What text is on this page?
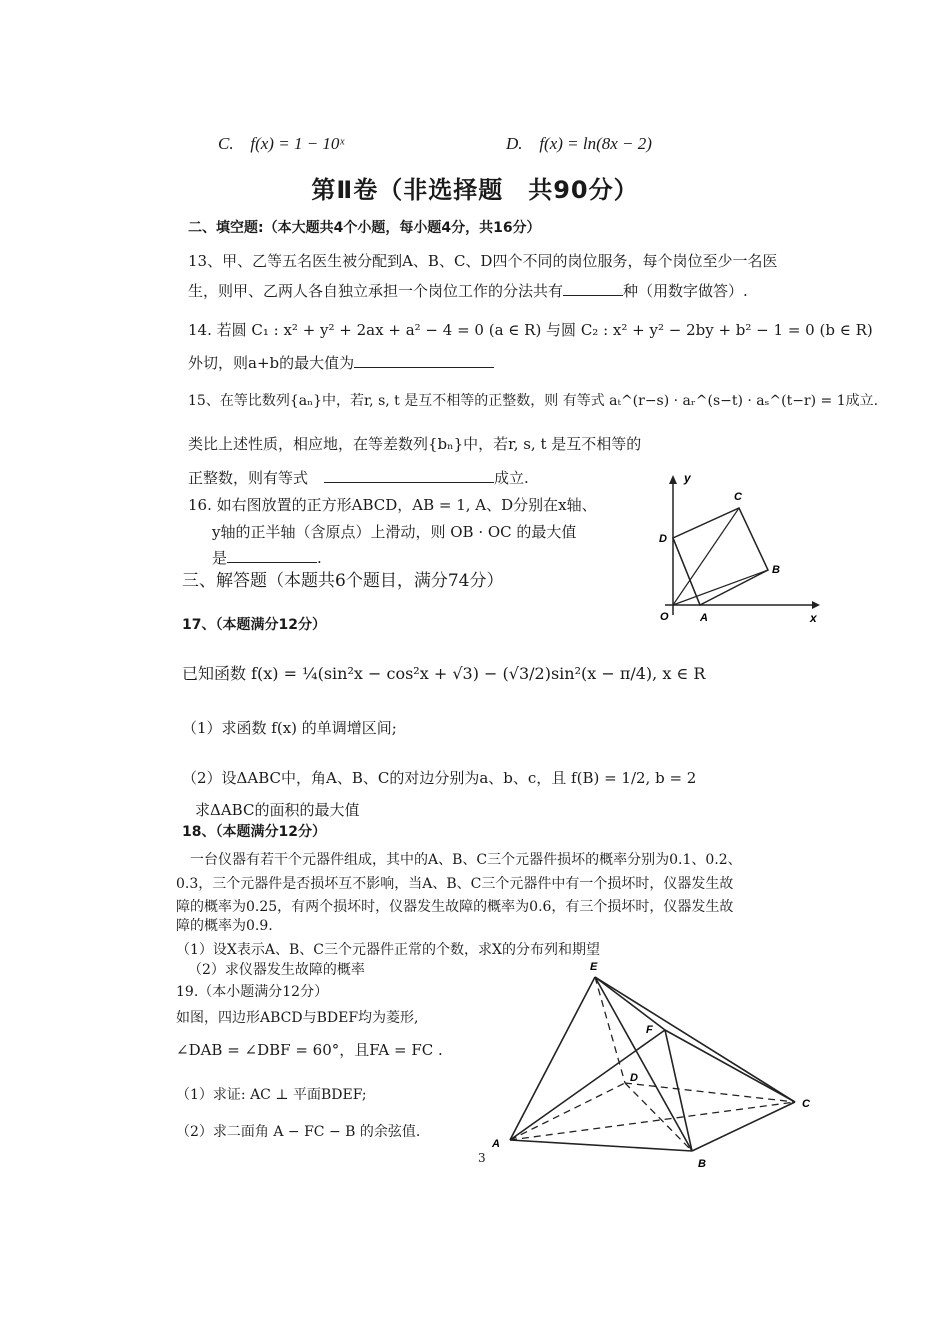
C. f(x) = 1 − 10ˣ	D. f(x) = ln(8x − 2)
第Ⅱ卷（非选择题　共90分）
二、填空题:（本大题共4个小题，每小题4分，共16分）
13、甲、乙等五名医生被分配到A、B、C、D四个不同的岗位服务，每个岗位至少一名医
生，则甲、乙两人各自独立承担一个岗位工作的分法共有	种（用数字做答）.
14. 若圆 C₁ : x² + y² + 2ax + a² − 4 = 0 (a ∈ R) 与圆 C₂ : x² + y² − 2by + b² − 1 = 0 (b ∈ R)
外切，则a+b的最大值为
15、在等比数列{aₙ}中，若r, s, t 是互不相等的正整数，则 有等式 aₜ^(r−s) · aᵣ^(s−t) · aₛ^(t−r) = 1成立.
类比上述性质，相应地，在等差数列{bₙ}中，若r, s, t 是互不相等的
正整数，则有等式	成立.
16. 如右图放置的正方形ABCD，AB = 1, A、D分别在x轴、
y轴的正半轴（含原点）上滑动，则 OB · OC 的最大值
是	.
三、解答题（本题共6个题目，满分74分）
y
x
O	A
B
C
D
17、（本题满分12分）
已知函数 f(x) = ¼(sin²x − cos²x + √3) − (√3/2)sin²(x − π/4), x ∈ R
（1）求函数 f(x) 的单调增区间;
（2）设ΔABC中，角A、B、C的对边分别为a、b、c，且 f(B) = 1/2, b = 2
求ΔABC的面积的最大值
18、（本题满分12分）
一台仪器有若干个元器件组成，其中的A、B、C三个元器件损坏的概率分别为0.1、0.2、
0.3，三个元器件是否损坏互不影响，当A、B、C三个元器件中有一个损坏时，仪器发生故
障的概率为0.25，有两个损坏时，仪器发生故障的概率为0.6，有三个损坏时，仪器发生故
障的概率为0.9.
（1）设X表示A、B、C三个元器件正常的个数，求X的分布列和期望
（2）求仪器发生故障的概率
19.（本小题满分12分）
如图，四边形ABCD与BDEF均为菱形,
∠DAB = ∠DBF = 60°，且FA = FC .
（1）求证: AC ⊥ 平面BDEF;
（2）求二面角 A − FC − B 的余弦值.
3
E
F
D
A
B
C
